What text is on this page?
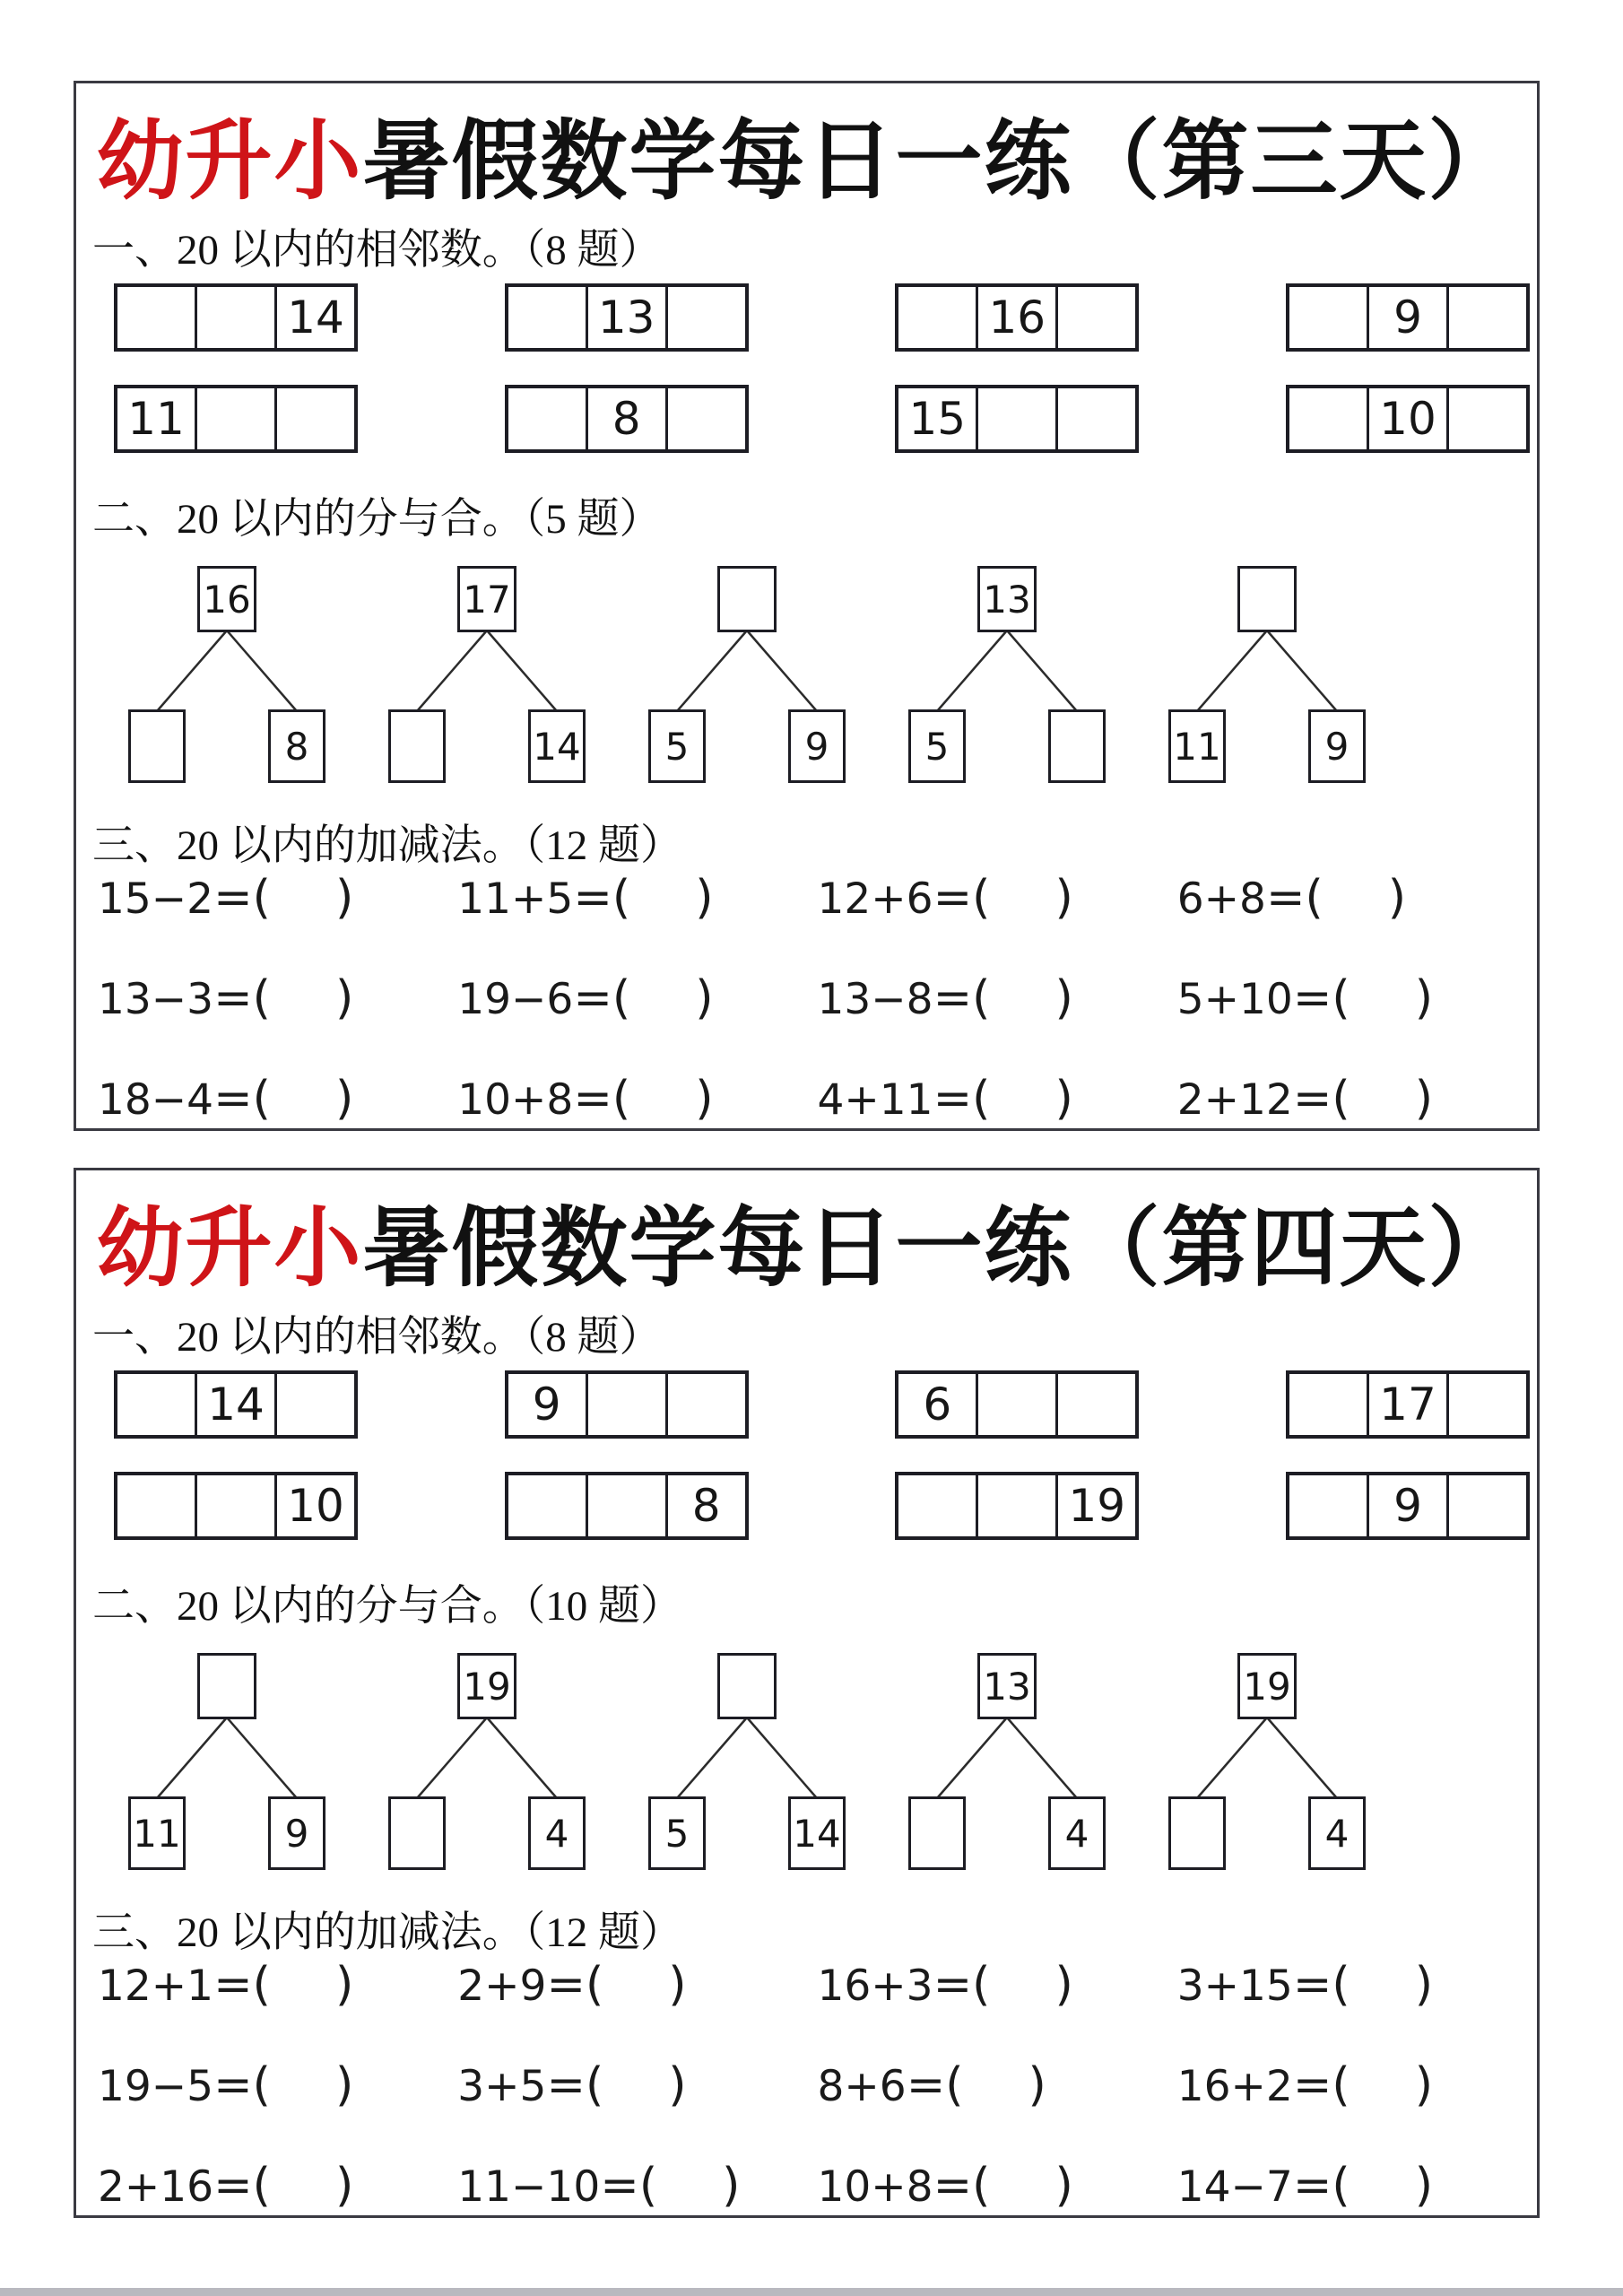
幼升小暑假数学每日一练（第三天）
一、20 以内的相邻数。（8 题）
14	13	16	9
11	8	15	10
二、20 以内的分与合。（5 题）
16
8
17
14	5	9
13
5	11	9
三、20 以内的加减法。（12 题）
15−2=( )	11+5=( )	12+6=( )	6+8=( )
13−3=( )	19−6=( )	13−8=( )	5+10=( )
18−4=( )	10+8=( )	4+11=( )	2+12=( )
幼升小暑假数学每日一练（第四天）
一、20 以内的相邻数。（8 题）
14	9	6	17
10	8	19	9
二、20 以内的分与合。（10 题）
11	9
19
4	5	14
13
4
19
4
三、20 以内的加减法。（12 题）
12+1=( )	2+9=( )	16+3=( )	3+15=( )
19−5=( )	3+5=( )	8+6=( )	16+2=( )
2+16=( )	11−10=( )	10+8=( )	14−7=( )
